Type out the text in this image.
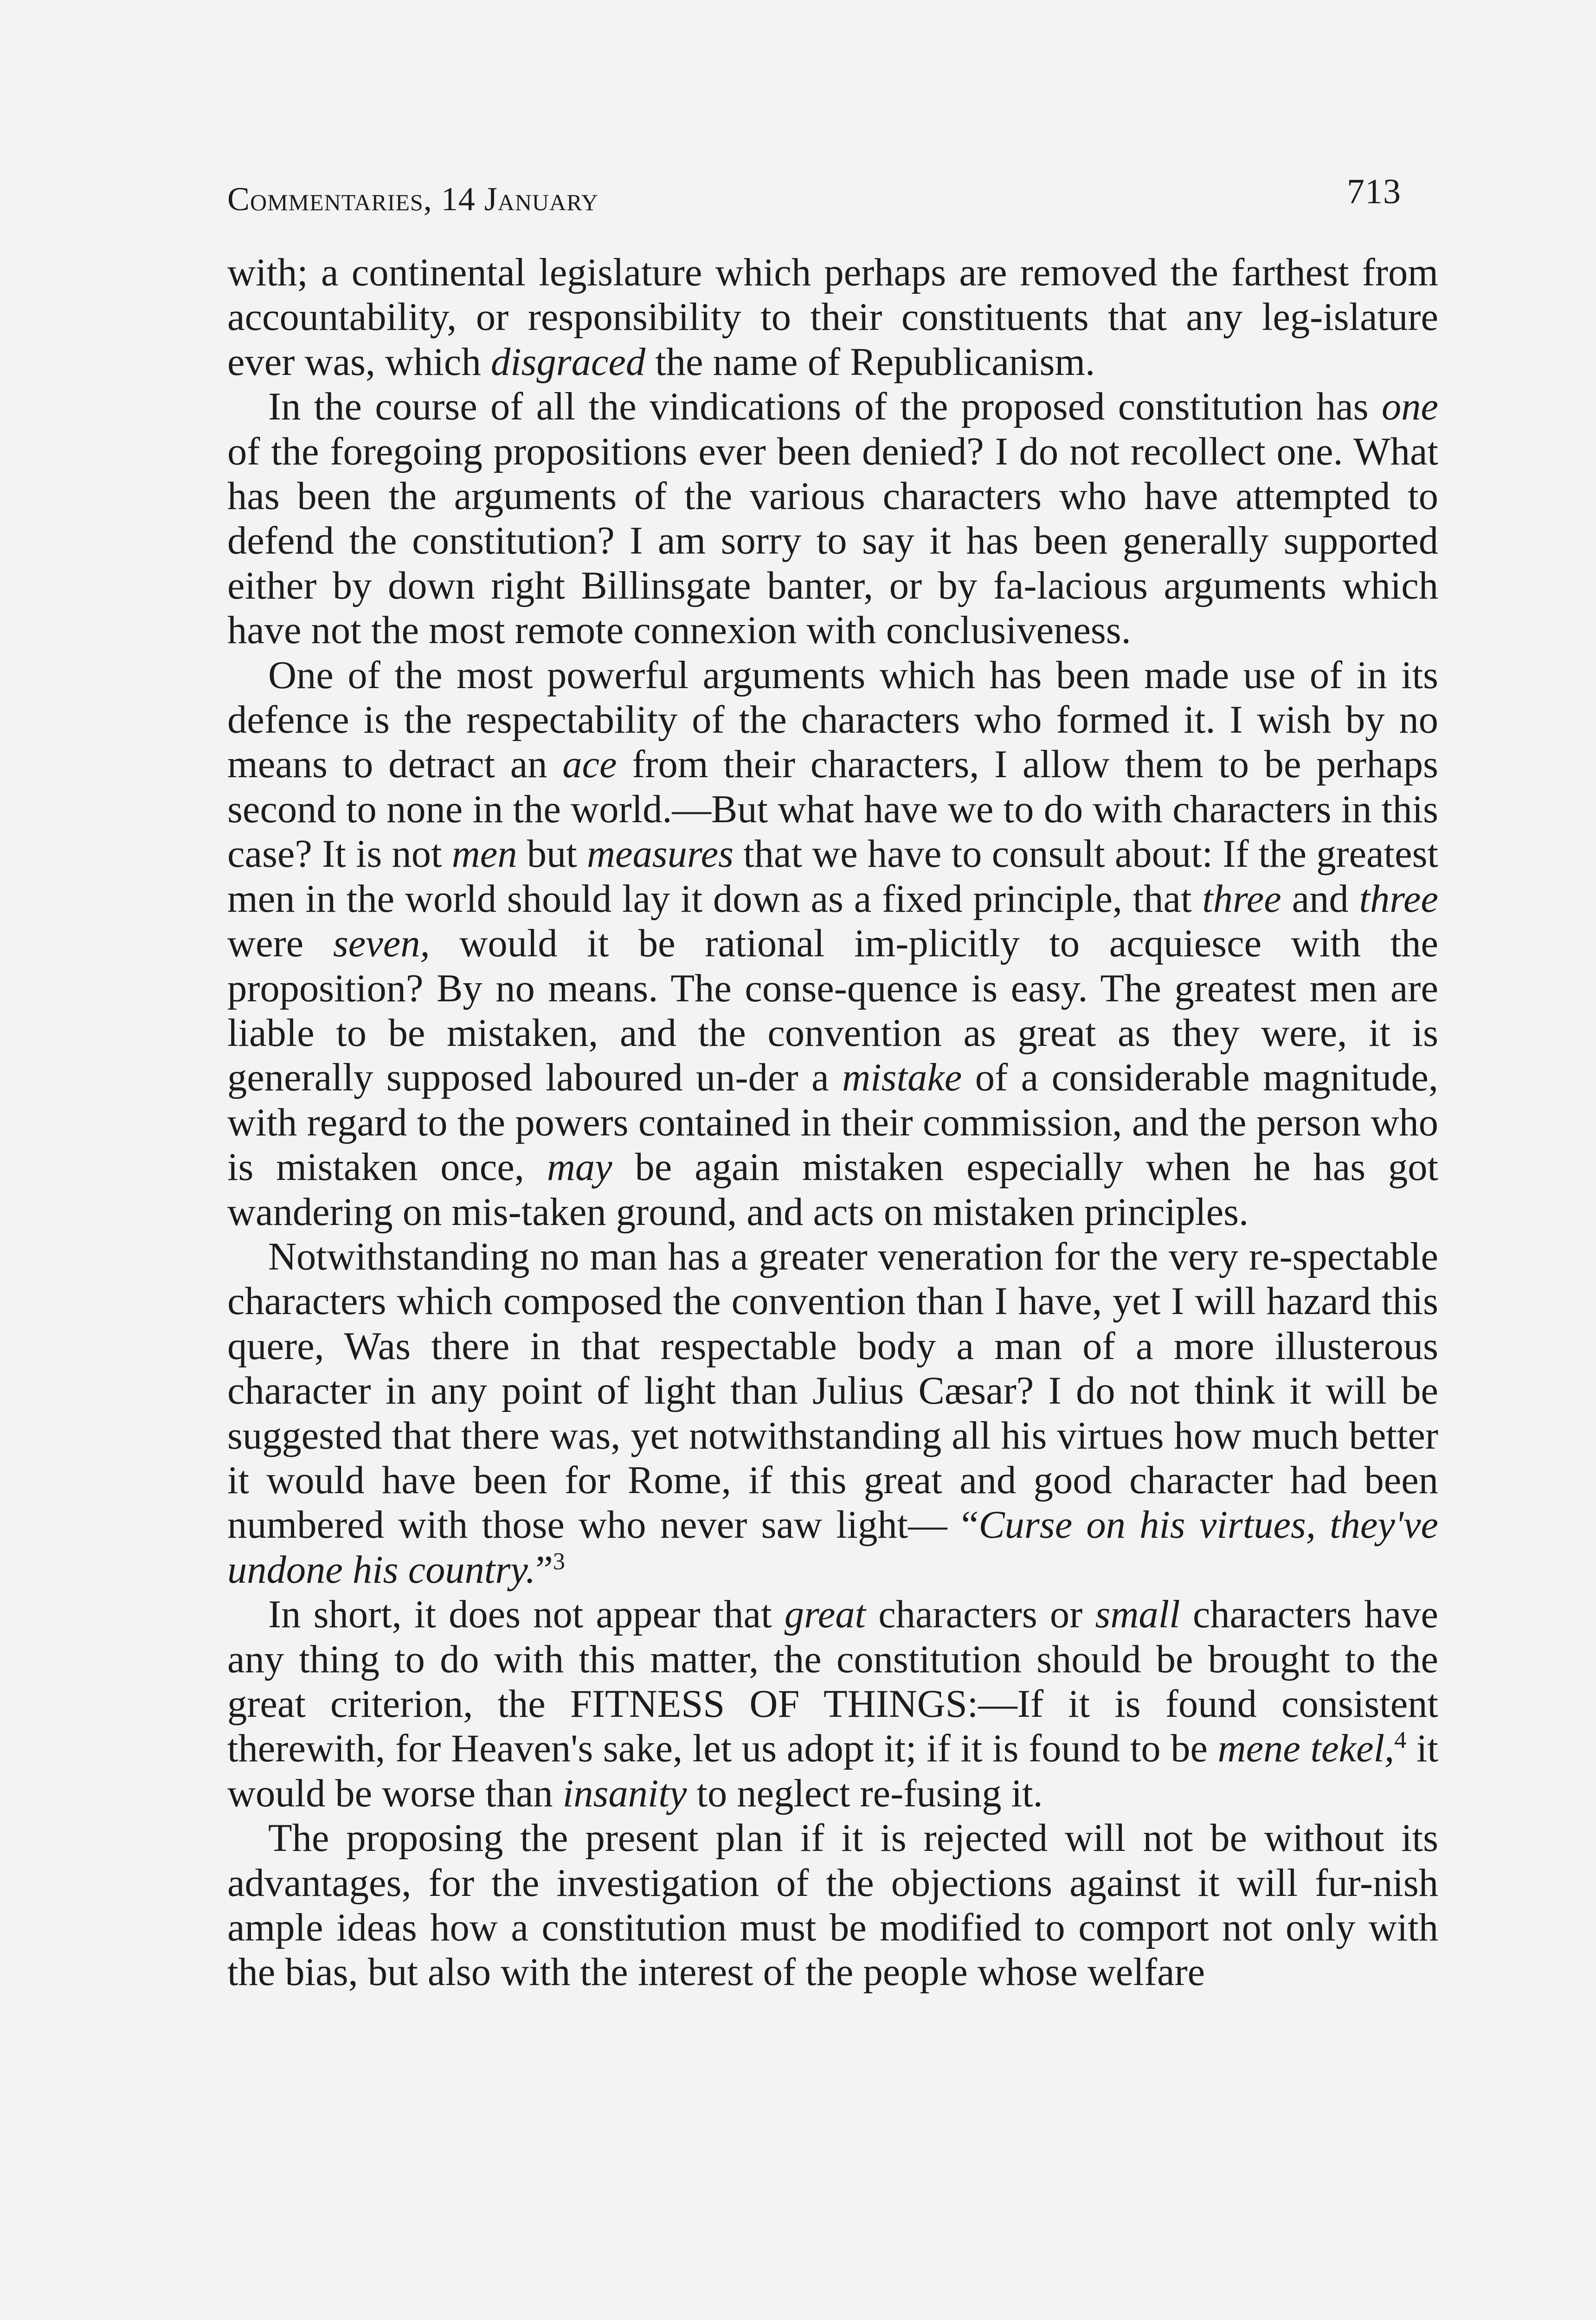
Commentaries, 14 January	713

with; a continental legislature which perhaps are removed the farthest from accountability, or responsibility to their constituents that any leg-islature ever was, which disgraced the name of Republicanism.

In the course of all the vindications of the proposed constitution has one of the foregoing propositions ever been denied? I do not recollect one. What has been the arguments of the various characters who have attempted to defend the constitution? I am sorry to say it has been generally supported either by down right Billinsgate banter, or by fa-lacious arguments which have not the most remote connexion with conclusiveness.

One of the most powerful arguments which has been made use of in its defence is the respectability of the characters who formed it. I wish by no means to detract an ace from their characters, I allow them to be perhaps second to none in the world.—But what have we to do with characters in this case? It is not men but measures that we have to consult about: If the greatest men in the world should lay it down as a fixed principle, that three and three were seven, would it be rational im-plicitly to acquiesce with the proposition? By no means. The conse-quence is easy. The greatest men are liable to be mistaken, and the convention as great as they were, it is generally supposed laboured un-der a mistake of a considerable magnitude, with regard to the powers contained in their commission, and the person who is mistaken once, may be again mistaken especially when he has got wandering on mis-taken ground, and acts on mistaken principles.

Notwithstanding no man has a greater veneration for the very re-spectable characters which composed the convention than I have, yet I will hazard this quere, Was there in that respectable body a man of a more illusterous character in any point of light than Julius Cæsar? I do not think it will be suggested that there was, yet notwithstanding all his virtues how much better it would have been for Rome, if this great and good character had been numbered with those who never saw light— “Curse on his virtues, they've undone his country.”$^3$

In short, it does not appear that great characters or small characters have any thing to do with this matter, the constitution should be brought to the great criterion, the FITNESS OF THINGS:—If it is found consistent therewith, for Heaven's sake, let us adopt it; if it is found to be mene tekel,$^4$ it would be worse than insanity to neglect re-fusing it.

The proposing the present plan if it is rejected will not be without its advantages, for the investigation of the objections against it will fur-nish ample ideas how a constitution must be modified to comport not only with the bias, but also with the interest of the people whose welfare
